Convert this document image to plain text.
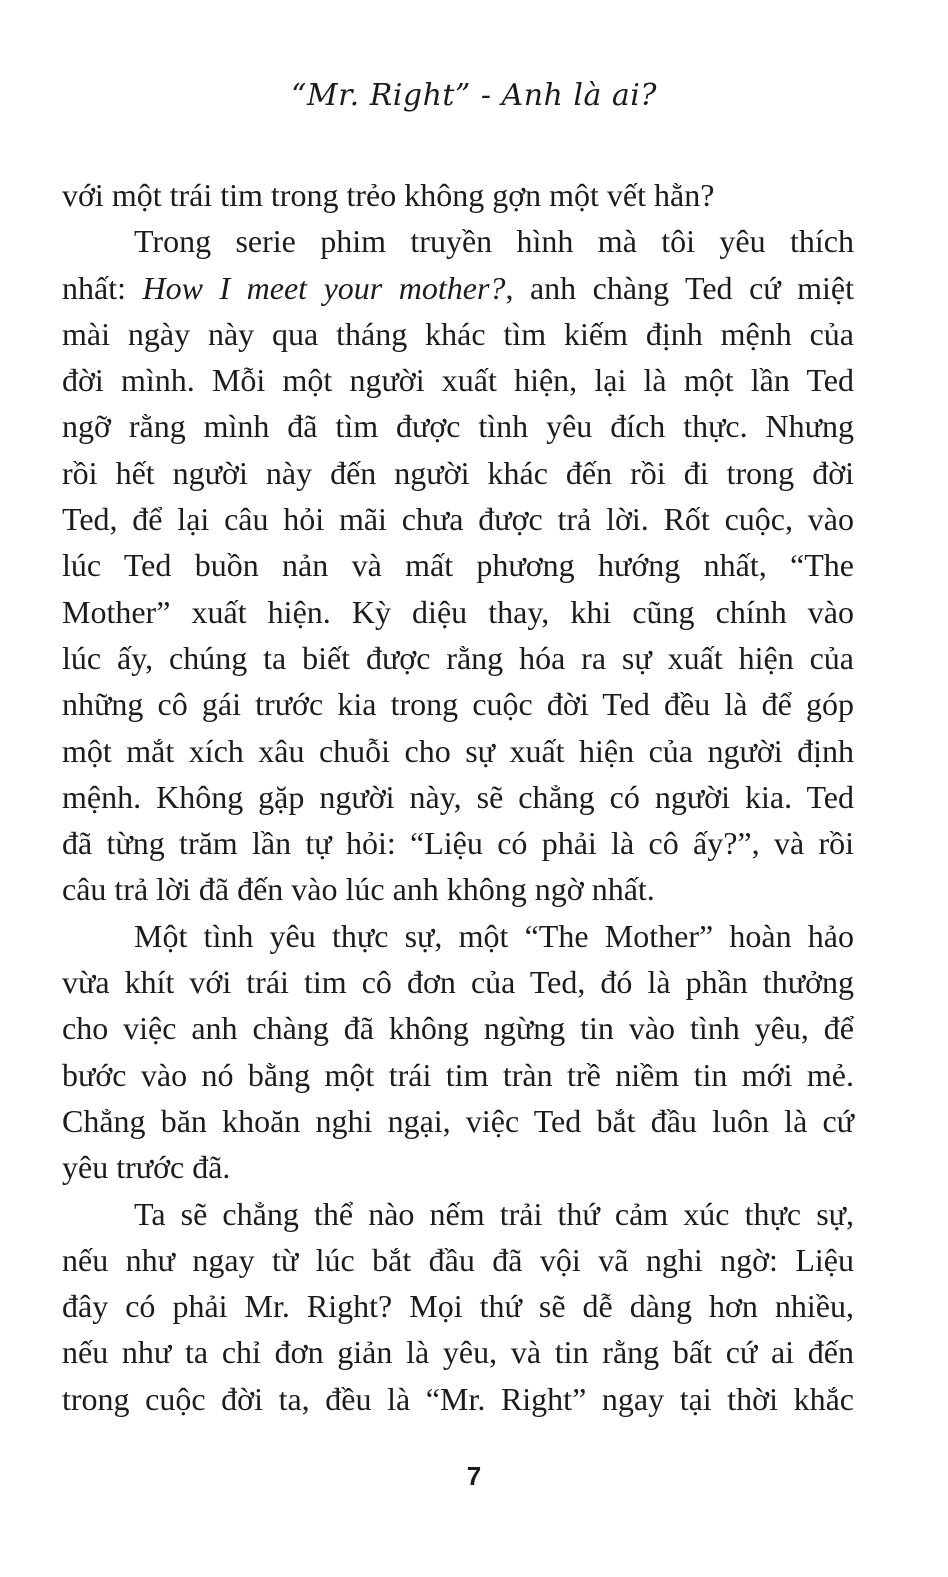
“Mr. Right” - Anh là ai?
với một trái tim trong trẻo không gợn một vết hằn?
Trong serie phim truyền hình mà tôi yêu thích
nhất: How I meet your mother?, anh chàng Ted cứ miệt
mài ngày này qua tháng khác tìm kiếm định mệnh của
đời mình. Mỗi một người xuất hiện, lại là một lần Ted
ngỡ rằng mình đã tìm được tình yêu đích thực. Nhưng
rồi hết người này đến người khác đến rồi đi trong đời
Ted, để lại câu hỏi mãi chưa được trả lời. Rốt cuộc, vào
lúc Ted buồn nản và mất phương hướng nhất, “The
Mother” xuất hiện. Kỳ diệu thay, khi cũng chính vào
lúc ấy, chúng ta biết được rằng hóa ra sự xuất hiện của
những cô gái trước kia trong cuộc đời Ted đều là để góp
một mắt xích xâu chuỗi cho sự xuất hiện của người định
mệnh. Không gặp người này, sẽ chẳng có người kia. Ted
đã từng trăm lần tự hỏi: “Liệu có phải là cô ấy?”, và rồi
câu trả lời đã đến vào lúc anh không ngờ nhất.
Một tình yêu thực sự, một “The Mother” hoàn hảo
vừa khít với trái tim cô đơn của Ted, đó là phần thưởng
cho việc anh chàng đã không ngừng tin vào tình yêu, để
bước vào nó bằng một trái tim tràn trề niềm tin mới mẻ.
Chẳng băn khoăn nghi ngại, việc Ted bắt đầu luôn là cứ
yêu trước đã.
Ta sẽ chẳng thể nào nếm trải thứ cảm xúc thực sự,
nếu như ngay từ lúc bắt đầu đã vội vã nghi ngờ: Liệu
đây có phải Mr. Right? Mọi thứ sẽ dễ dàng hơn nhiều,
nếu như ta chỉ đơn giản là yêu, và tin rằng bất cứ ai đến
trong cuộc đời ta, đều là “Mr. Right” ngay tại thời khắc
7
